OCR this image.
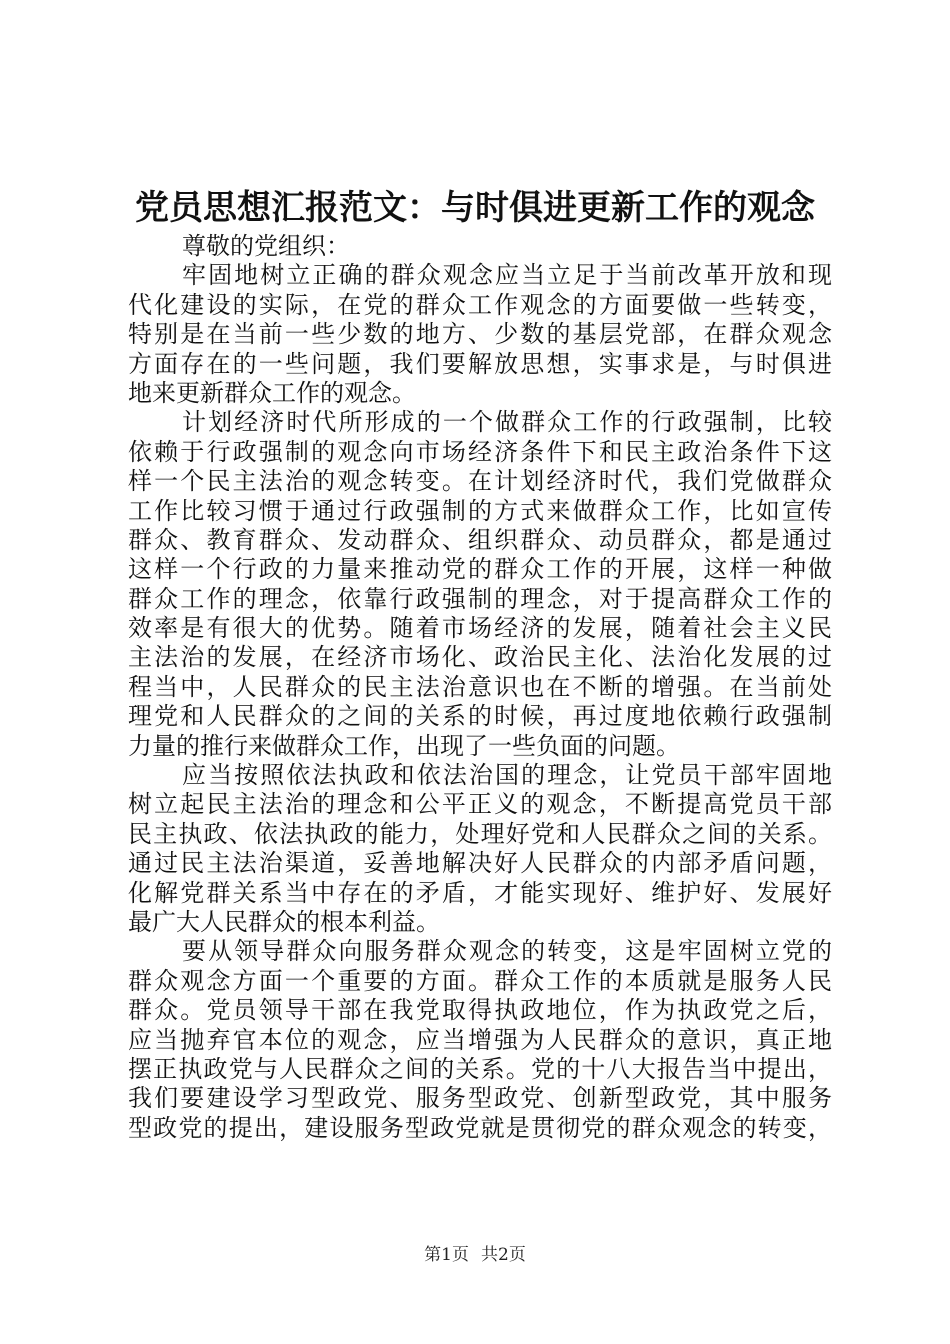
党员思想汇报范文：与时俱进更新工作的观念
尊敬的党组织：
牢固地树立正确的群众观念应当立足于当前改革开放和现
代化建设的实际，在党的群众工作观念的方面要做一些转变，
特别是在当前一些少数的地方、少数的基层党部，在群众观念
方面存在的一些问题，我们要解放思想，实事求是，与时俱进
地来更新群众工作的观念。
计划经济时代所形成的一个做群众工作的行政强制，比较
依赖于行政强制的观念向市场经济条件下和民主政治条件下这
样一个民主法治的观念转变。在计划经济时代，我们党做群众
工作比较习惯于通过行政强制的方式来做群众工作，比如宣传
群众、教育群众、发动群众、组织群众、动员群众，都是通过
这样一个行政的力量来推动党的群众工作的开展，这样一种做
群众工作的理念，依靠行政强制的理念，对于提高群众工作的
效率是有很大的优势。随着市场经济的发展，随着社会主义民
主法治的发展，在经济市场化、政治民主化、法治化发展的过
程当中，人民群众的民主法治意识也在不断的增强。在当前处
理党和人民群众的之间的关系的时候，再过度地依赖行政强制
力量的推行来做群众工作，出现了一些负面的问题。
应当按照依法执政和依法治国的理念，让党员干部牢固地
树立起民主法治的理念和公平正义的观念，不断提高党员干部
民主执政、依法执政的能力，处理好党和人民群众之间的关系。
通过民主法治渠道，妥善地解决好人民群众的内部矛盾问题，
化解党群关系当中存在的矛盾，才能实现好、维护好、发展好
最广大人民群众的根本利益。
要从领导群众向服务群众观念的转变，这是牢固树立党的
群众观念方面一个重要的方面。群众工作的本质就是服务人民
群众。党员领导干部在我党取得执政地位，作为执政党之后，
应当抛弃官本位的观念，应当增强为人民群众的意识，真正地
摆正执政党与人民群众之间的关系。党的十八大报告当中提出，
我们要建设学习型政党、服务型政党、创新型政党，其中服务
型政党的提出，建设服务型政党就是贯彻党的群众观念的转变，
第1页 共2页
